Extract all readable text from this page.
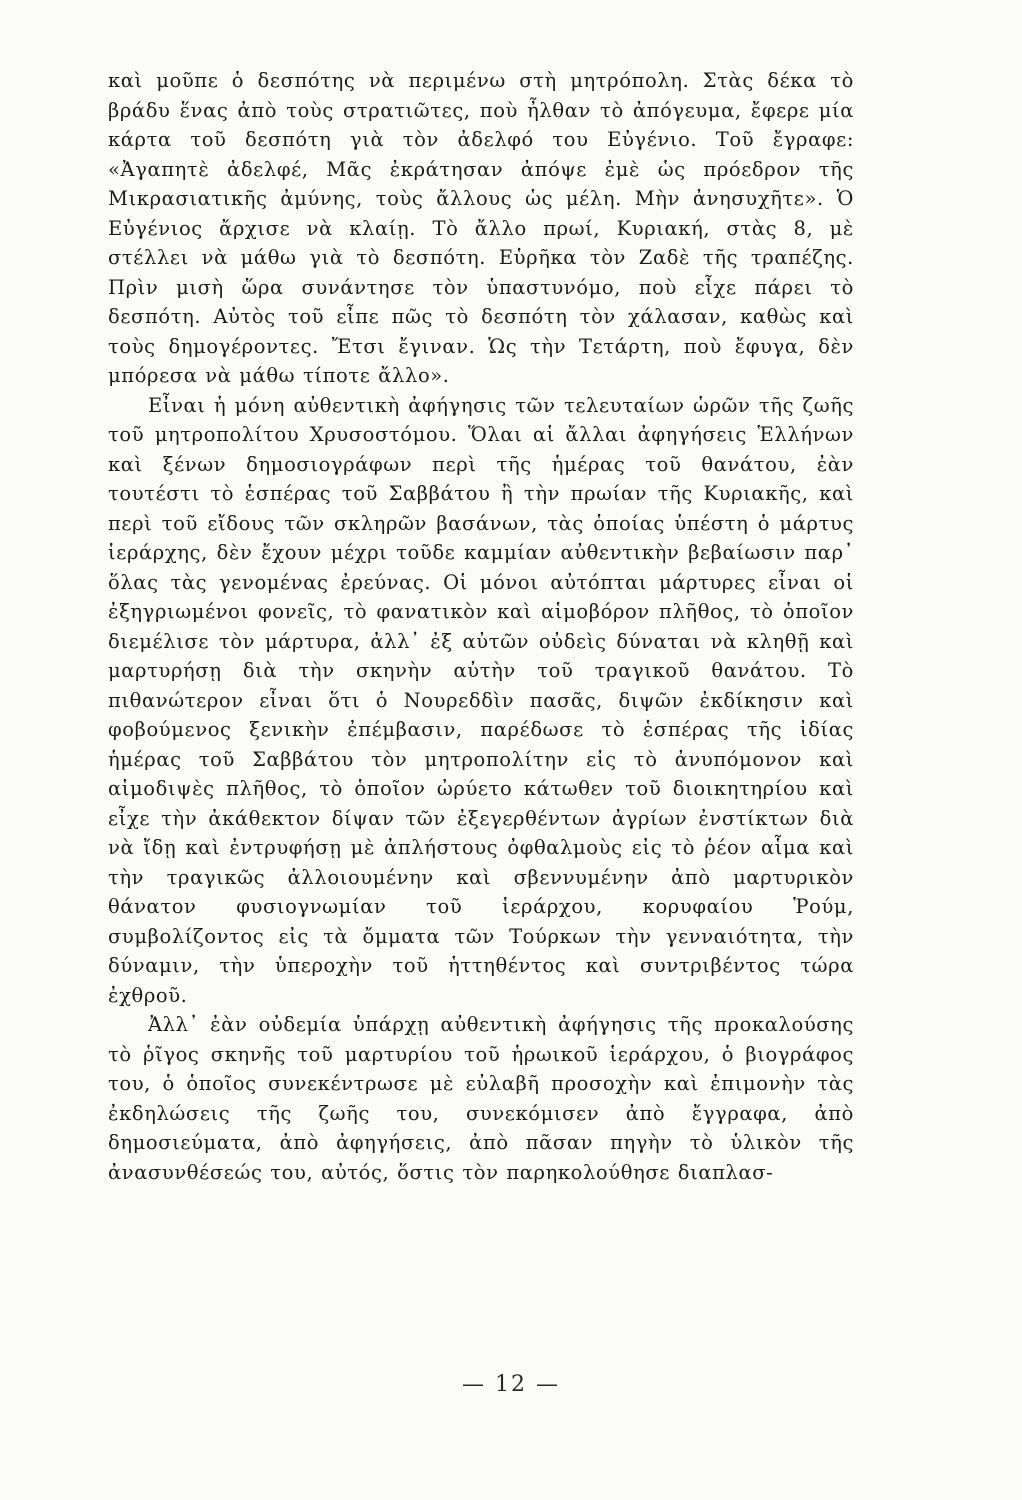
καὶ μοῦπε ὁ δεσπότης νὰ περιμένω στὴ μητρόπολη. Στὰς δέκα τὸ βράδυ ἕνας ἀπὸ τοὺς στρατιῶτες, ποὺ ἦλθαν τὸ ἀπόγευμα, ἔφερε μία κάρτα τοῦ δεσπότη γιὰ τὸν ἀδελφό του Εὐγένιο. Τοῦ ἔγραφε: «Ἀγαπητὲ ἀδελφέ, Μᾶς ἐκράτησαν ἀπόψε ἐμὲ ὡς πρόεδρον τῆς Μικρασιατικῆς ἀμύνης, τοὺς ἄλλους ὡς μέλη. Μὴν ἀνησυχῆτε». Ὁ Εὐγένιος ἄρχισε νὰ κλαίῃ. Τὸ ἄλλο πρωί, Κυριακή, στὰς 8, μὲ στέλλει νὰ μάθω γιὰ τὸ δεσπότη. Εὑρῆκα τὸν Ζαδὲ τῆς τραπέζης. Πρὶν μισὴ ὥρα συνάντησε τὸν ὑπαστυνόμο, ποὺ εἶχε πάρει τὸ δεσπότη. Αὐτὸς τοῦ εἶπε πῶς τὸ δεσπότη τὸν χάλασαν, καθὼς καὶ τοὺς δημογέροντες. Ἔτσι ἔγιναν. Ὡς τὴν Τετάρτη, ποὺ ἔφυγα, δὲν μπόρεσα νὰ μάθω τίποτε ἄλλο».

Εἶναι ἡ μόνη αὐθεντικὴ ἀφήγησις τῶν τελευταίων ὡρῶν τῆς ζωῆς τοῦ μητροπολίτου Χρυσοστόμου. Ὅλαι αἱ ἄλλαι ἀφηγήσεις Ἑλλήνων καὶ ξένων δημοσιογράφων περὶ τῆς ἡμέρας τοῦ θανάτου, ἐὰν τουτέστι τὸ ἑσπέρας τοῦ Σαββάτου ἢ τὴν πρωίαν τῆς Κυριακῆς, καὶ περὶ τοῦ εἴδους τῶν σκληρῶν βασάνων, τὰς ὁποίας ὑπέστη ὁ μάρτυς ἱεράρχης, δὲν ἔχουν μέχρι τοῦδε καμμίαν αὐθεντικὴν βεβαίωσιν παρ᾽ ὅλας τὰς γενομένας ἐρεύνας. Οἱ μόνοι αὐτόπται μάρτυρες εἶναι οἱ ἐξηγριωμένοι φονεῖς, τὸ φανατικὸν καὶ αἱμοβόρον πλῆθος, τὸ ὁποῖον διεμέλισε τὸν μάρτυρα, ἀλλ᾽ ἐξ αὐτῶν οὐδεὶς δύναται νὰ κληθῇ καὶ μαρτυρήσῃ διὰ τὴν σκηνὴν αὐτὴν τοῦ τραγικοῦ θανάτου. Τὸ πιθανώτερον εἶναι ὅτι ὁ Νουρεδδὶν πασᾶς, διψῶν ἐκδίκησιν καὶ φοβούμενος ξενικὴν ἐπέμβασιν, παρέδωσε τὸ ἑσπέρας τῆς ἰδίας ἡμέρας τοῦ Σαββάτου τὸν μητροπολίτην εἰς τὸ ἀνυπόμονον καὶ αἱμοδιψὲς πλῆθος, τὸ ὁποῖον ὠρύετο κάτωθεν τοῦ διοικητηρίου καὶ εἶχε τὴν ἀκάθεκτον δίψαν τῶν ἐξεγερθέντων ἀγρίων ἐνστίκτων διὰ νὰ ἴδῃ καὶ ἐντρυφήσῃ μὲ ἀπλήστους ὀφθαλμοὺς εἰς τὸ ῥέον αἷμα καὶ τὴν τραγικῶς ἀλλοιουμένην καὶ σβεννυμένην ἀπὸ μαρτυρικὸν θάνατον φυσιογνωμίαν τοῦ ἱεράρχου, κορυφαίου Ῥούμ, συμβολίζοντος εἰς τὰ ὄμματα τῶν Τούρκων τὴν γενναιότητα, τὴν δύναμιν, τὴν ὑπεροχὴν τοῦ ἡττηθέντος καὶ συντριβέντος τώρα ἐχθροῦ.

Ἀλλ᾽ ἐὰν οὐδεμία ὑπάρχῃ αὐθεντικὴ ἀφήγησις τῆς προκαλούσης τὸ ῥῖγος σκηνῆς τοῦ μαρτυρίου τοῦ ἡρωικοῦ ἱεράρχου, ὁ βιογράφος του, ὁ ὁποῖος συνεκέντρωσε μὲ εὐλαβῆ προσοχὴν καὶ ἐπιμονὴν τὰς ἐκδηλώσεις τῆς ζωῆς του, συνεκόμισεν ἀπὸ ἔγγραφα, ἀπὸ δημοσιεύματα, ἀπὸ ἀφηγήσεις, ἀπὸ πᾶσαν πηγὴν τὸ ὑλικὸν τῆς ἀνασυνθέσεώς του, αὐτός, ὅστις τὸν παρηκολούθησε διαπλασ-

— 12 —
